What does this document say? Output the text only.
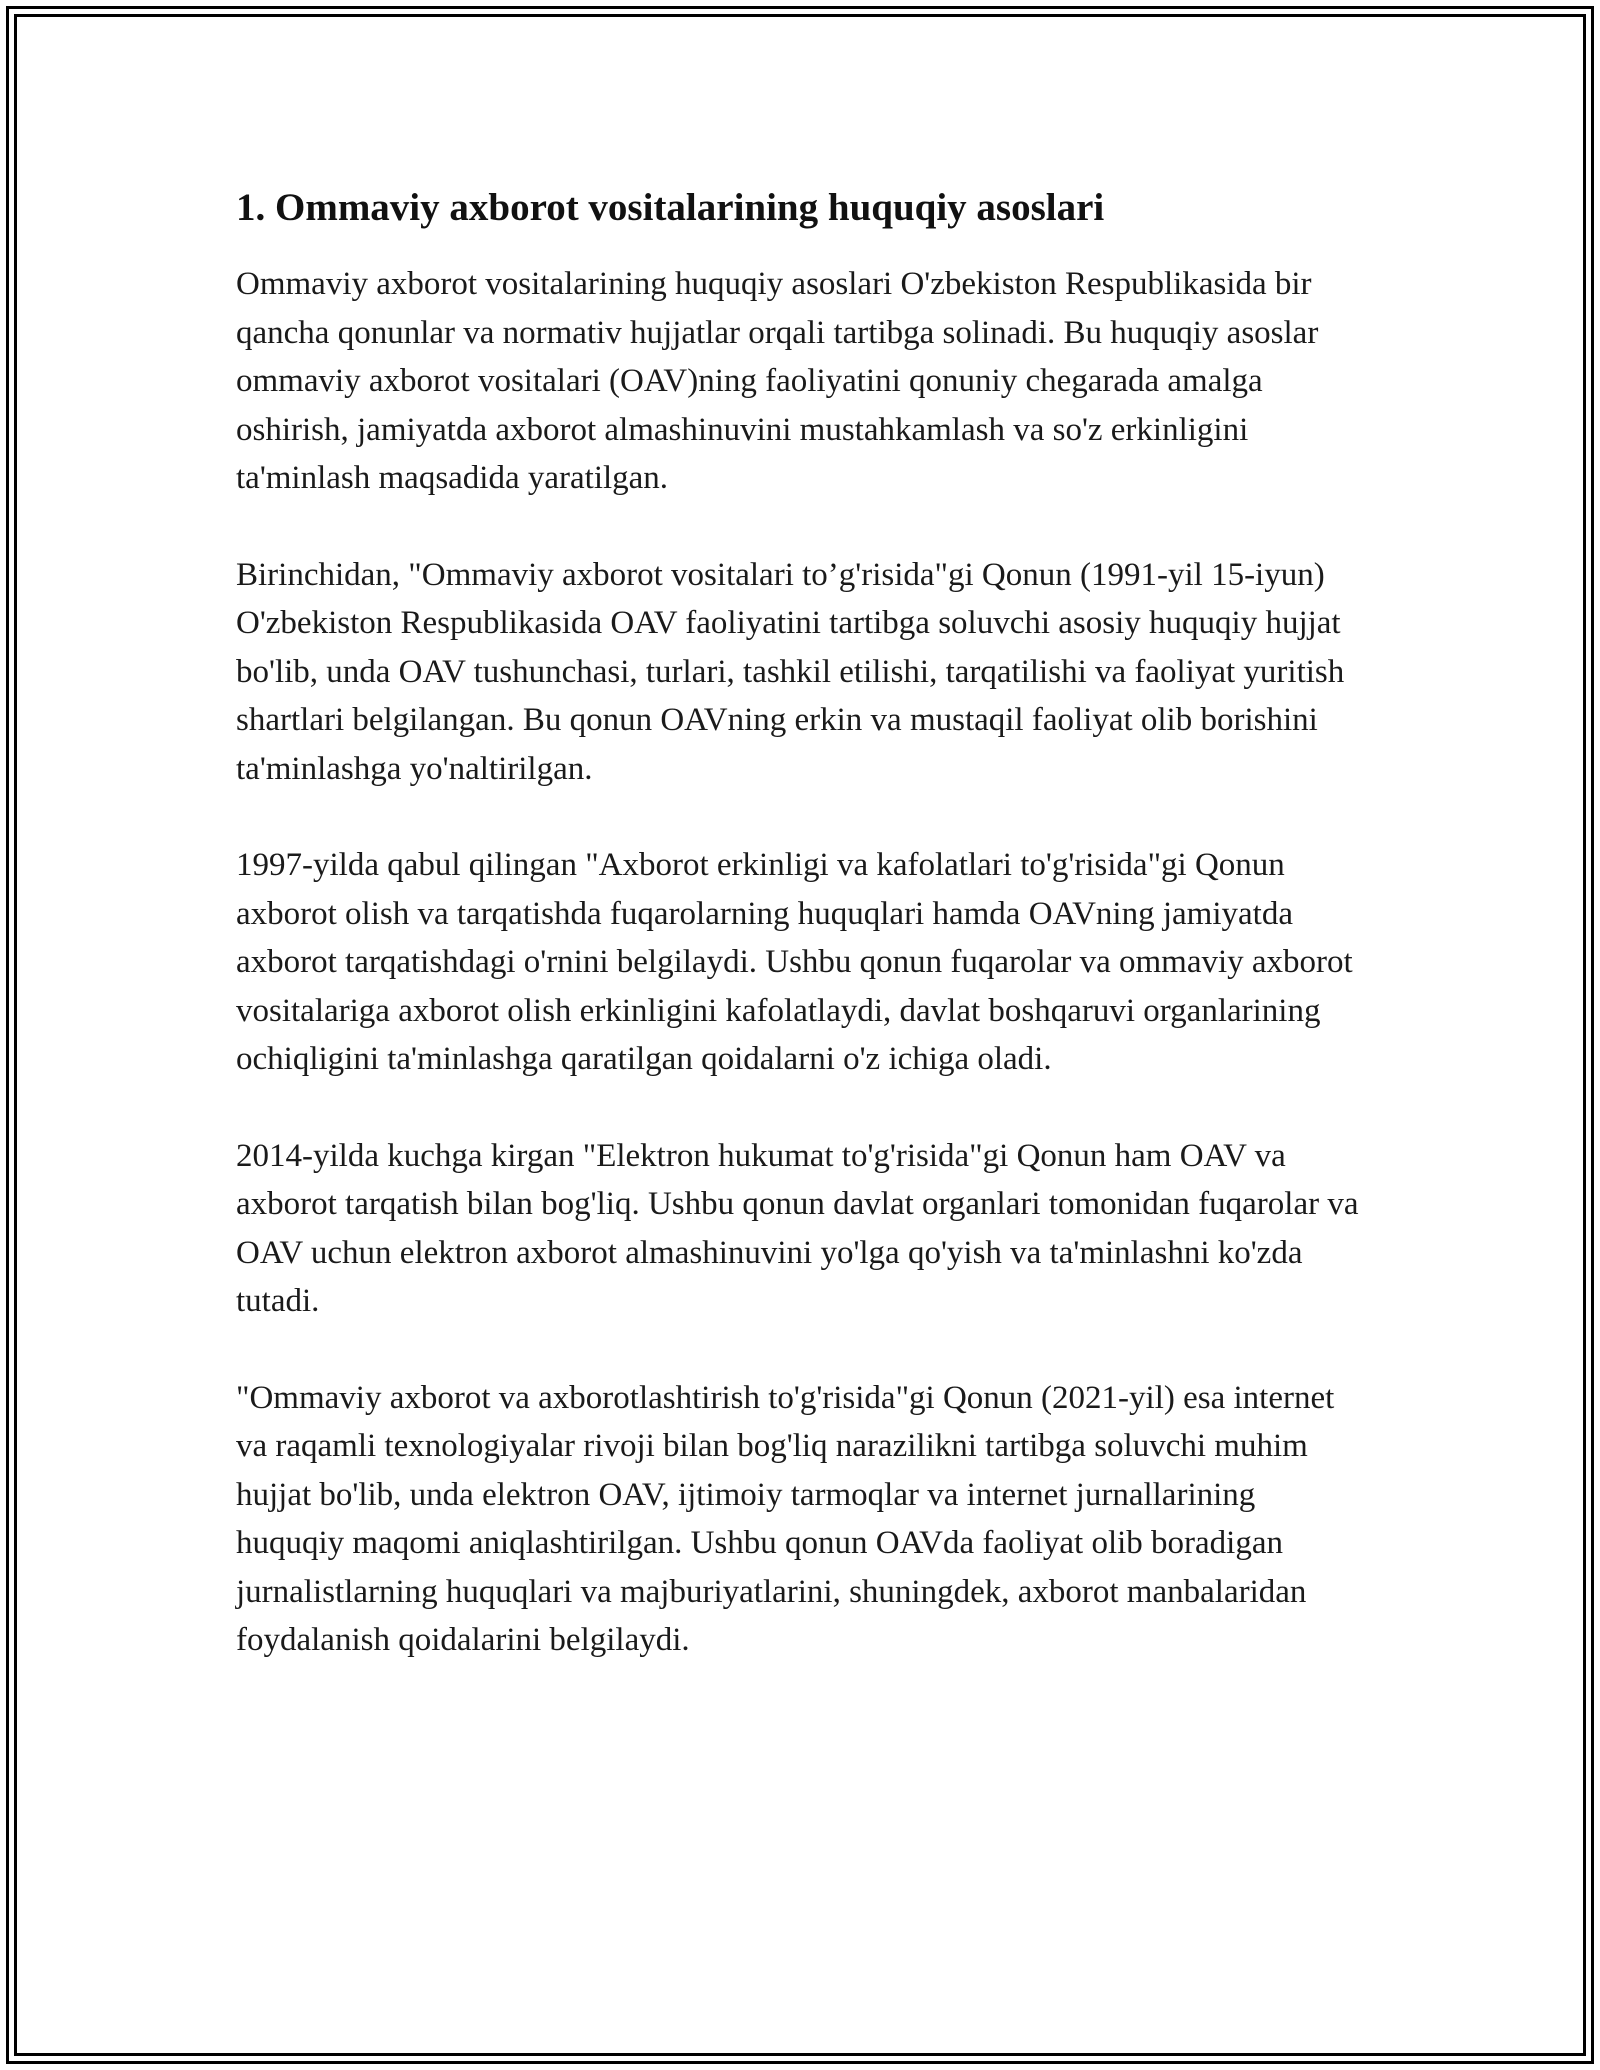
1. Ommaviy axborot vositalarining huquqiy asoslari

Ommaviy axborot vositalarining huquqiy asoslari O'zbekiston Respublikasida bir qancha qonunlar va normativ hujjatlar orqali tartibga solinadi. Bu huquqiy asoslar ommaviy axborot vositalari (OAV)ning faoliyatini qonuniy chegarada amalga oshirish, jamiyatda axborot almashinuvini mustahkamlash va so'z erkinligini ta'minlash maqsadida yaratilgan.

Birinchidan, "Ommaviy axborot vositalari to’g'risida"gi Qonun (1991-yil 15-iyun) O'zbekiston Respublikasida OAV faoliyatini tartibga soluvchi asosiy huquqiy hujjat bo'lib, unda OAV tushunchasi, turlari, tashkil etilishi, tarqatilishi va faoliyat yuritish shartlari belgilangan. Bu qonun OAVning erkin va mustaqil faoliyat olib borishini ta'minlashga yo'naltirilgan.

1997-yilda qabul qilingan "Axborot erkinligi va kafolatlari to'g'risida"gi Qonun axborot olish va tarqatishda fuqarolarning huquqlari hamda OAVning jamiyatda axborot tarqatishdagi o'rnini belgilaydi. Ushbu qonun fuqarolar va ommaviy axborot vositalariga axborot olish erkinligini kafolatlaydi, davlat boshqaruvi organlarining ochiqligini ta'minlashga qaratilgan qoidalarni o'z ichiga oladi.

2014-yilda kuchga kirgan "Elektron hukumat to'g'risida"gi Qonun ham OAV va axborot tarqatish bilan bog'liq. Ushbu qonun davlat organlari tomonidan fuqarolar va OAV uchun elektron axborot almashinuvini yo'lga qo'yish va ta'minlashni ko'zda tutadi.

"Ommaviy axborot va axborotlashtirish to'g'risida"gi Qonun (2021-yil) esa internet va raqamli texnologiyalar rivoji bilan bog'liq narazilikni tartibga soluvchi muhim hujjat bo'lib, unda elektron OAV, ijtimoiy tarmoqlar va internet jurnallarining huquqiy maqomi aniqlashtirilgan. Ushbu qonun OAVda faoliyat olib boradigan jurnalistlarning huquqlari va majburiyatlarini, shuningdek, axborot manbalaridan foydalanish qoidalarini belgilaydi.
